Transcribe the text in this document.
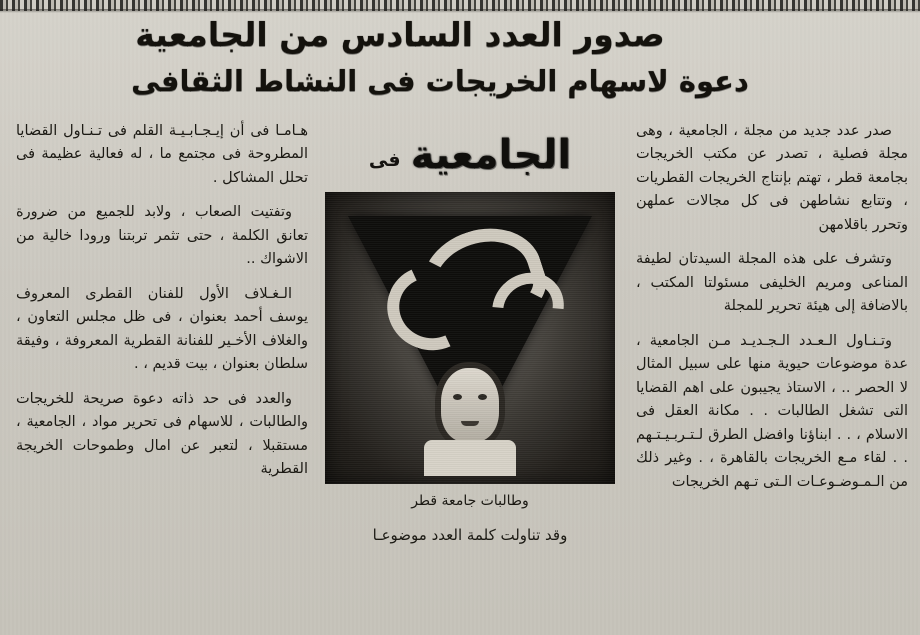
صدور العدد السادس من الجامعية
دعوة لاسهام الخريجات فى النشاط الثقافى

صدر عدد جديد من مجلة ، الجامعية ، وهى مجلة فصلية ، تصدر عن مكتب الخريجات بجامعة قطر ، تهتم بإنتاج الخريجات القطريات ، وتتابع نشاطهن فى كل مجالات عملهن وتحرر باقلامهن

وتشرف على هذه المجلة السيدتان لطيفة المناعى ومريم الخليفى مسئولتا المكتب ، بالاضافة إلى هيئة تحرير للمجلة

وتـنـاول الـعـدد الـجـديـد مـن الجامعية ، عدة موضوعات حيوية منها على سبيل المثال لا الحصر .. ، الاستاذ يجيبون على اهم القضايا التى تشغل الطالبات . . مكانة العقل فى الاسلام ، . . ابناؤنا وافضل الطرق لـتـربـيـتـهم . . لقاء مـع الخريجات بالقاهرة ، . وغير ذلك من الـمـوضـوعـات الـتى تـهم الخريجات

الجامعية
فى
وطالبات جامعة قطر
وقد تناولت كلمة العدد موضوعـا

هـامـا فى أن إيـجـابـيـة القلم فى تـنـاول القضايا المطروحة فى مجتمع ما ، له فعالية عظيمة فى تحلل المشاكل .

وتفتيت الصعاب ، ولابد للجميع من ضرورة تعانق الكلمة ، حتى تثمر تربتنا ورودا خالية من الاشواك ..

الـغـلاف الأول للفنان القطرى المعروف يوسف أحمد بعنوان ، فى ظل مجلس التعاون ، والغلاف الأخـير للفنانة القطرية المعروفة ، وفيقة سلطان بعنوان ، بيت قديم ، .

والعدد فى حد ذاته دعوة صريحة للخريجات والطالبات ، للاسهام فى تحرير مواد ، الجامعية ، مستقبلا ، لتعبر عن امال وطموحات الخريجة القطرية
